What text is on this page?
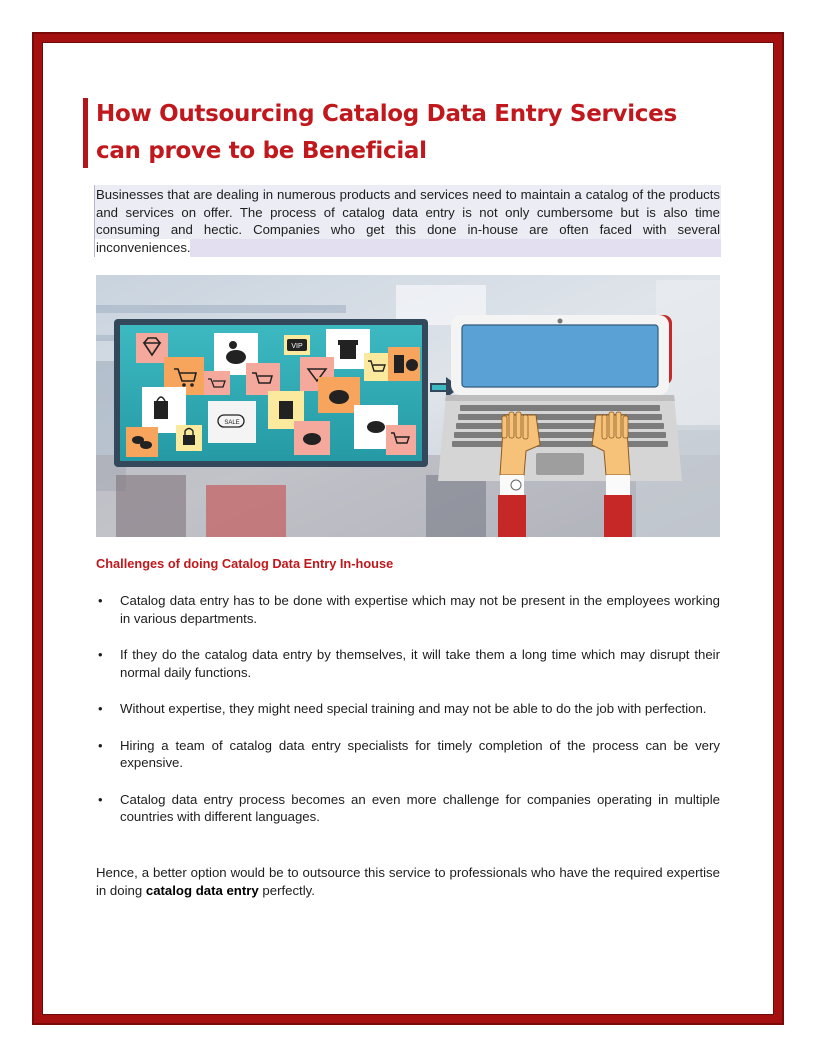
How Outsourcing Catalog Data Entry Services can prove to be Beneficial

Businesses that are dealing in numerous products and services need to maintain a catalog of the products and services on offer. The process of catalog data entry is not only cumbersome but is also time consuming and hectic. Companies who get this done in-house are often faced with several inconveniences.

VIP
SALE
Challenges of doing Catalog Data Entry In-house
• Catalog data entry has to be done with expertise which may not be present in the employees working in various departments.
• If they do the catalog data entry by themselves, it will take them a long time which may disrupt their normal daily functions.
• Without expertise, they might need special training and may not be able to do the job with perfection.
• Hiring a team of catalog data entry specialists for timely completion of the process can be very expensive.
• Catalog data entry process becomes an even more challenge for companies operating in multiple countries with different languages.

Hence, a better option would be to outsource this service to professionals who have the required expertise in doing catalog data entry perfectly.
